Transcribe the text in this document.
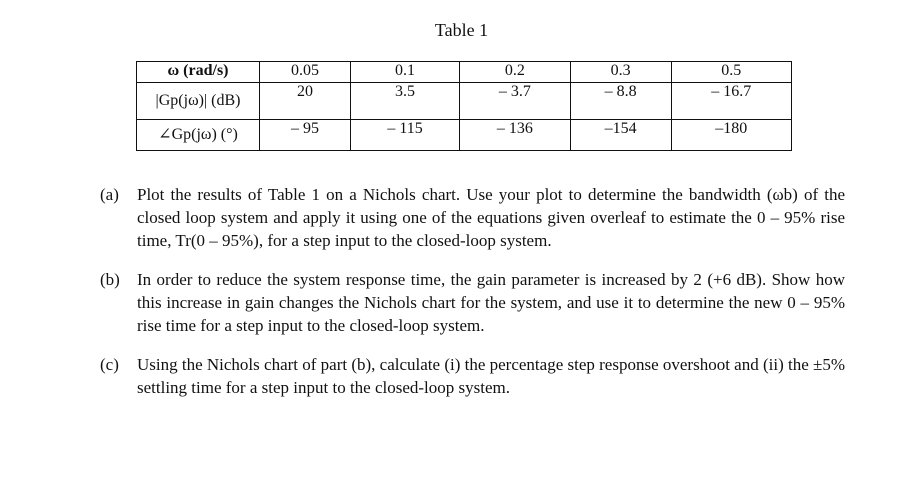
Table 1
ω (rad/s)	0.05	0.1	0.2	0.3	0.5
|Gp(jω)| (dB)	20	3.5	– 3.7	– 8.8	– 16.7
∠Gp(jω) (°)	– 95	– 115	– 136	–154	–180
(a)	Plot the results of Table 1 on a Nichols chart. Use your plot to determine the bandwidth (ωb) of the closed loop system and apply it using one of the equations given overleaf to estimate the 0 – 95% rise time, Tr(0 – 95%), for a step input to the closed-loop system.
(b)	In order to reduce the system response time, the gain parameter is increased by 2 (+6 dB). Show how this increase in gain changes the Nichols chart for the system, and use it to determine the new 0 – 95% rise time for a step input to the closed-loop system.
(c)	Using the Nichols chart of part (b), calculate (i) the percentage step response overshoot and (ii) the ±5% settling time for a step input to the closed-loop system.
